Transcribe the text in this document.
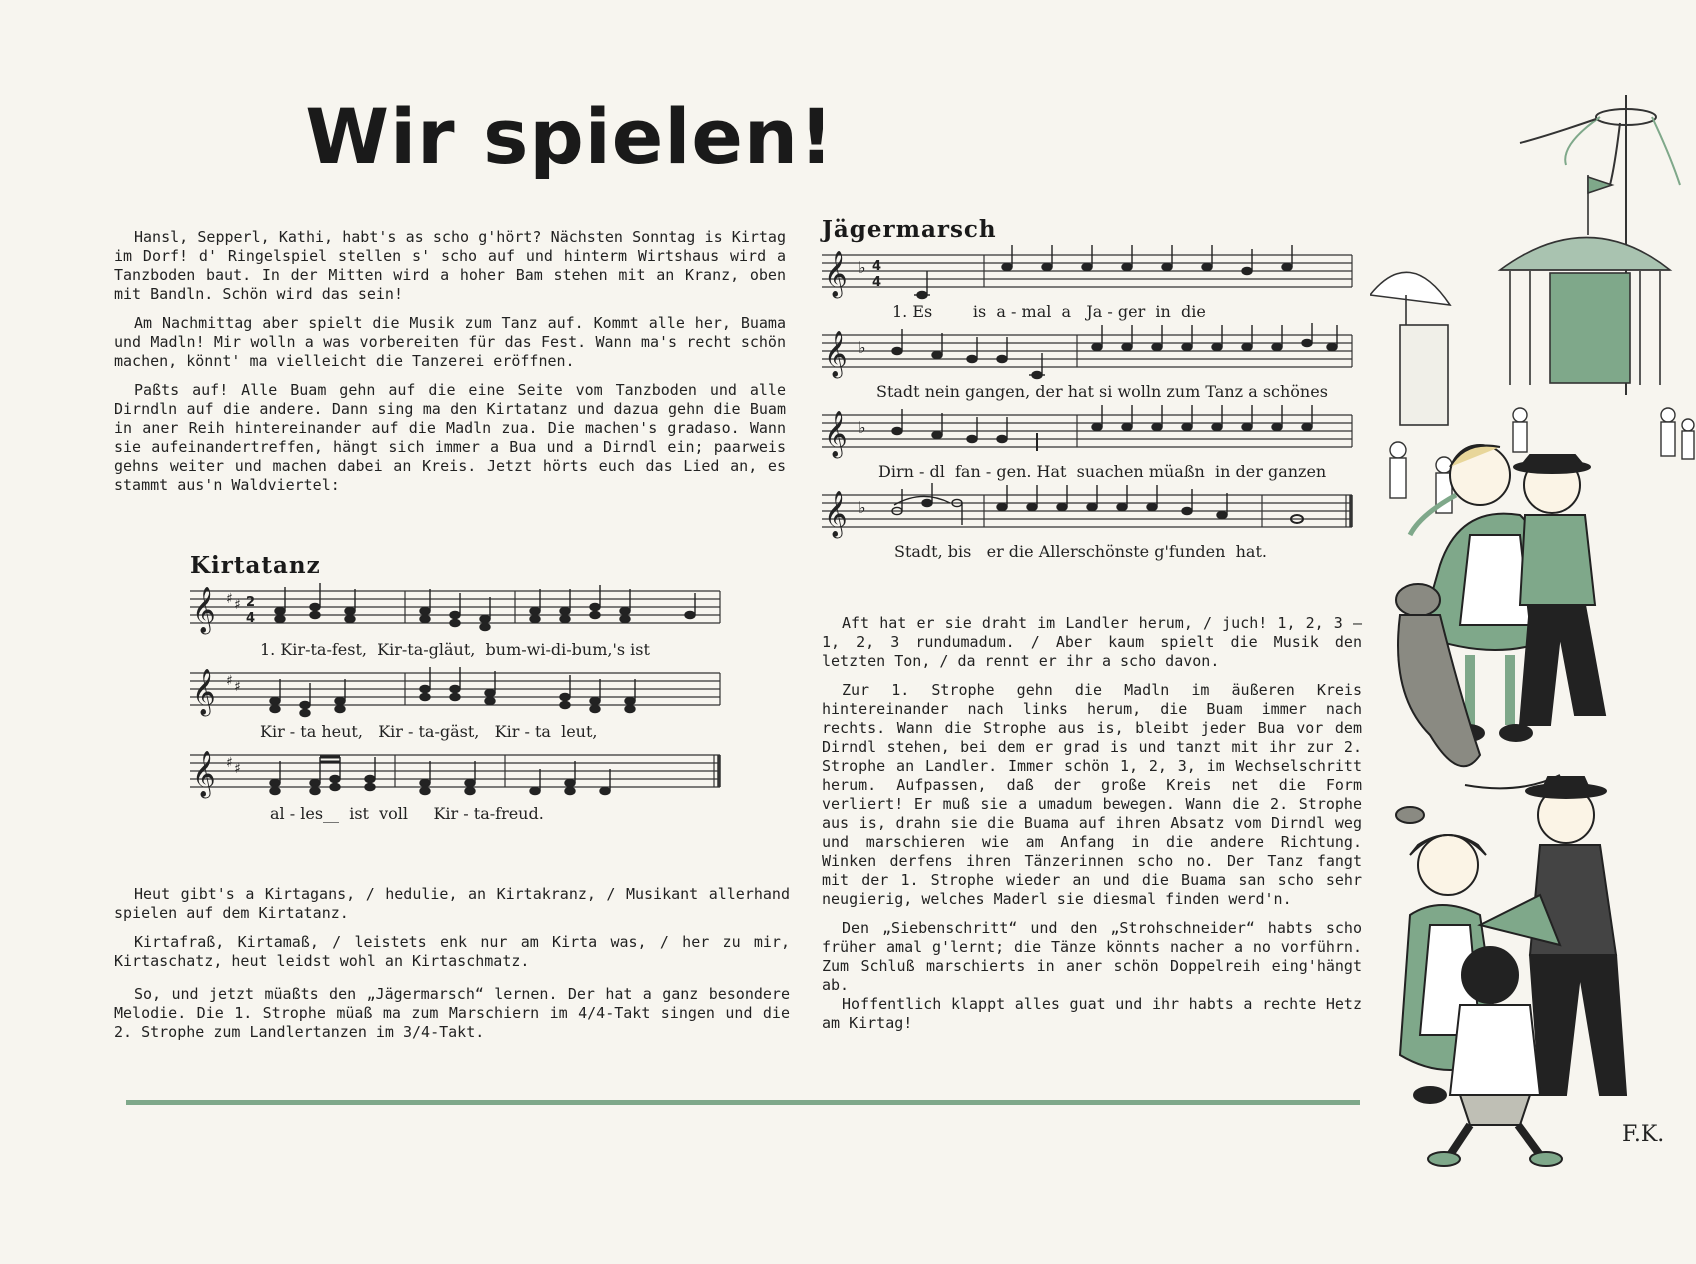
Wir spielen!

Hansl, Sepperl, Kathi, habt's as scho g'hört? Nächsten Sonntag is Kirtag im Dorf! d' Ringelspiel stellen s' scho auf und hinterm Wirtshaus wird a Tanzboden baut. In der Mitten wird a hoher Bam stehen mit an Kranz, oben mit Bandln. Schön wird das sein!

Am Nachmittag aber spielt die Musik zum Tanz auf. Kommt alle her, Buama und Madln! Mir wolln a was vorbereiten für das Fest. Wann ma's recht schön machen, könnt' ma vielleicht die Tanzerei eröffnen.

Paßts auf! Alle Buam gehn auf die eine Seite vom Tanzboden und alle Dirndln auf die andere. Dann sing ma den Kirtatanz und dazua gehn die Buam in aner Reih hintereinander auf die Madln zua. Die machen's gradaso. Wann sie aufeinandertreffen, hängt sich immer a Bua und a Dirndl ein; paarweis gehns weiter und machen dabei an Kreis. Jetzt hörts euch das Lied an, es stammt aus'n Waldviertel:

Kirtatanz
𝄞 ♯ ♯ 2
4
1. Kir-ta-fest,  Kir-ta-gläut,  bum-wi-di-bum,'s ist
𝄞 ♯ ♯
Kir - ta heut,   Kir - ta-gäst,   Kir - ta  leut,
𝄞 ♯ ♯
al - les__  ist  voll     Kir - ta-freud.

Heut gibt's a Kirtagans, / hedulie, an Kirtakranz, / Musikant allerhand spielen auf dem Kirtatanz.

Kirtafraß, Kirtamaß, / leistets enk nur am Kirta was, / her zu mir, Kirtaschatz, heut leidst wohl an Kirtaschmatz.

So, und jetzt müaßts den „Jägermarsch“ lernen. Der hat a ganz besondere Melodie. Die 1. Strophe müaß ma zum Marschiern im 4/4-Takt singen und die 2. Strophe zum Landlertanzen im 3/4-Takt.

Jägermarsch
𝄞 ♭ 4
4
1. Es        is  a - mal  a   Ja - ger  in  die
𝄞 ♭
Stadt nein gangen, der hat si wolln zum Tanz a schönes
𝄞 ♭
Dirn - dl  fan - gen. Hat  suachen müaßn  in der ganzen
𝄞 ♭
Stadt, bis   er die Allerschönste g'funden  hat.

Aft hat er sie draht im Landler herum, / juch! 1, 2, 3 — 1, 2, 3 rundumadum. / Aber kaum spielt die Musik den letzten Ton, / da rennt er ihr a scho davon.

Zur 1. Strophe gehn die Madln im äußeren Kreis hintereinander nach links herum, die Buam immer nach rechts. Wann die Strophe aus is, bleibt jeder Bua vor dem Dirndl stehen, bei dem er grad is und tanzt mit ihr zur 2. Strophe an Landler. Immer schön 1, 2, 3, im Wechselschritt herum. Aufpassen, daß der große Kreis net die Form verliert! Er muß sie a umadum bewegen. Wann die 2. Strophe aus is, drahn sie die Buama auf ihren Absatz vom Dirndl weg und marschieren wie am Anfang in die andere Richtung. Winken derfens ihren Tänzerinnen scho no. Der Tanz fangt mit der 1. Strophe wieder an und die Buama san scho sehr neugierig, welches Maderl sie diesmal finden werd'n.

Den „Siebenschritt“ und den „Strohschneider“ habts scho früher amal g'lernt; die Tänze könnts nacher a no vorführn. Zum Schluß marschierts in aner schön Doppelreih eing'hängt ab.

Hoffentlich klappt alles guat und ihr habts a rechte Hetz am Kirtag!

F.K.
